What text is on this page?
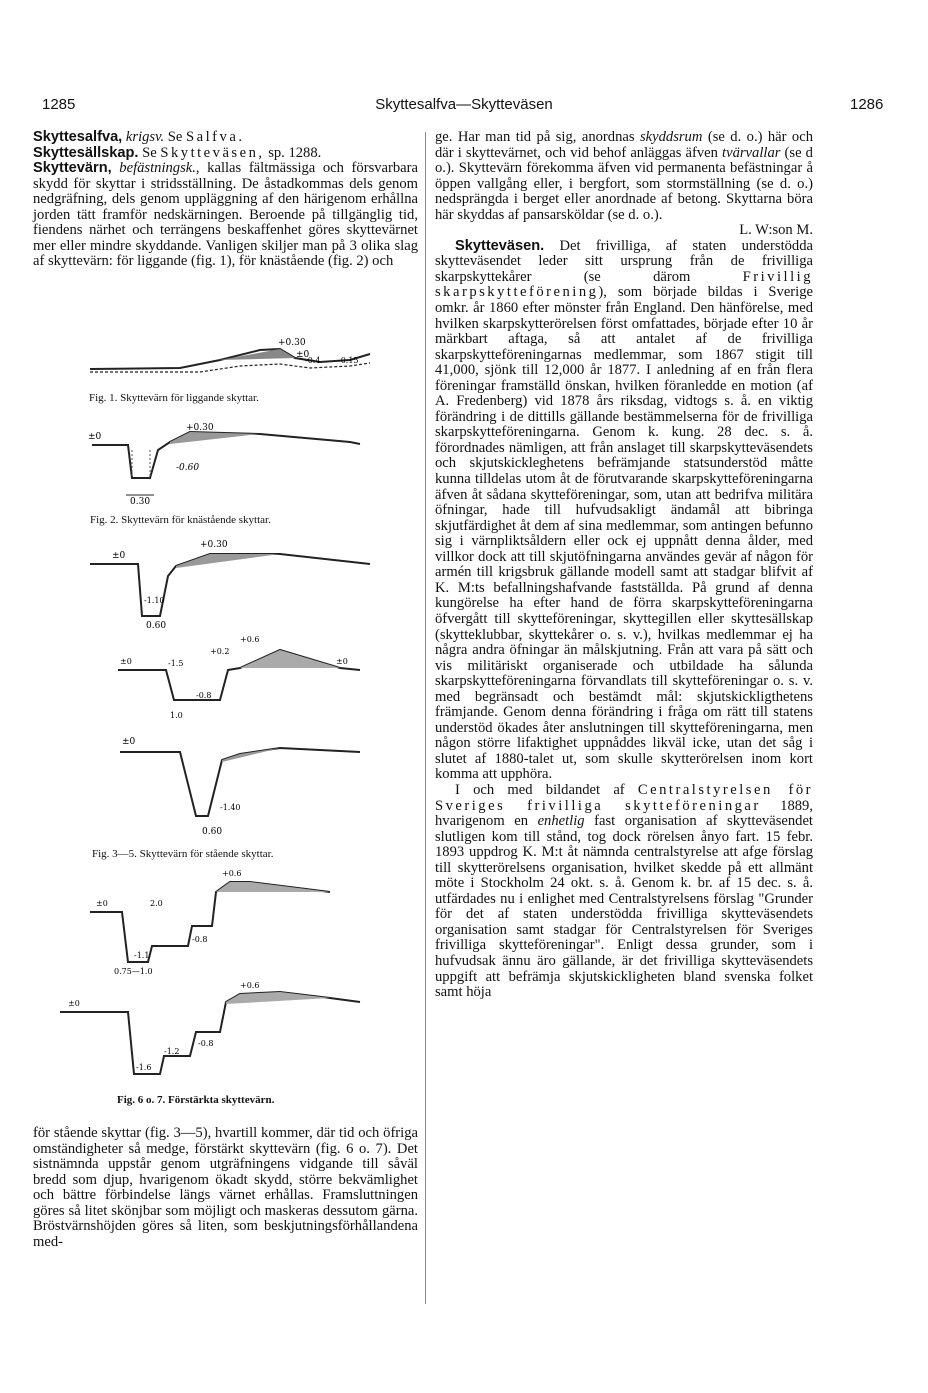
1285	Skyttesalfva—Skytteväsen	1286

Skyttesalfva, krigsv. Se Salfva.

Skyttesällskap. Se Skytteväsen, sp. 1288.

Skyttevärn, befästningsk., kallas fältmässiga och försvarbara skydd för skyttar i stridsställning. De åstadkommas dels genom nedgräfning, dels genom uppläggning af den härigenom erhållna jorden tätt framför nedskärningen. Beroende på tillgänglig tid, fiendens närhet och terrängens beskaffenhet göres skyttevärnet mer eller mindre skyddande. Vanligen skiljer man på 3 olika slag af skyttevärn: för liggande (fig. 1), för knästående (fig. 2) och

+0.30
±0
-0.4 -0.15
Fig. 1. Skyttevärn för liggande skyttar.
+0.30
±0
-0.60
0.30
Fig. 2. Skyttevärn för knästående skyttar.
+0.30
±0
-1.10
0.60
+0.6
+0.2
±0	-1.5	±0
-0.8
1.0
±0
-1.40
0.60
Fig. 3—5. Skyttevärn för stående skyttar.
+0.6
±0	2.0
-0.8
-1.1
0.75—1.0
+0.6
±0
-0.8
-1.2
-1.6
Fig. 6 o. 7. Förstärkta skyttevärn.

för stående skyttar (fig. 3—5), hvartill kommer, där tid och öfriga omständigheter så medge, förstärkt skyttevärn (fig. 6 o. 7). Det sistnämnda uppstår genom utgräfningens vidgande till såväl bredd som djup, hvarigenom ökadt skydd, större bekvämlighet och bättre förbindelse längs värnet erhållas. Framsluttningen göres så litet skönjbar som möjligt och maskeras dessutom gärna. Bröstvärnshöjden göres så liten, som beskjutningsförhållandena med-

ge. Har man tid på sig, anordnas skyddsrum (se d. o.) här och där i skyttevärnet, och vid behof anläggas äfven tvärvallar (se d o.). Skyttevärn förekomma äfven vid permanenta befästningar å öppen vallgång eller, i bergfort, som stormställning (se d. o.) nedsprängda i berget eller anordnade af betong. Skyttarna böra här skyddas af pansarsköldar (se d. o.).

L. W:son M.

Skytteväsen. Det frivilliga, af staten understödda skytteväsendet leder sitt ursprung från de frivilliga skarpskyttekårer (se därom Frivillig skarpskytteförening), som började bildas i Sverige omkr. år 1860 efter mönster från England. Den hänförelse, med hvilken skarpskytterörelsen först omfattades, började efter 10 år märkbart aftaga, så att antalet af de frivilliga skarpskytteföreningarnas medlemmar, som 1867 stigit till 41,000, sjönk till 12,000 år 1877. I anledning af en från flera föreningar framställd önskan, hvilken föranledde en motion (af A. Fredenberg) vid 1878 års riksdag, vidtogs s. å. en viktig förändring i de dittills gällande bestämmelserna för de frivilliga skarpskytteföreningarna. Genom k. kung. 28 dec. s. å. förordnades nämligen, att från anslaget till skarpskytteväsendets och skjutskickleghetens befrämjande statsunderstöd måtte kunna tilldelas utom åt de förutvarande skarpskytteföreningarna äfven åt sådana skytteföreningar, som, utan att bedrifva militära öfningar, hade till hufvudsakligt ändamål att bibringa skjutfärdighet åt dem af sina medlemmar, som antingen befunno sig i värnpliktsåldern eller ock ej uppnått denna ålder, med villkor dock att till skjutöfningarna användes gevär af någon för armén till krigsbruk gällande modell samt att stadgar blifvit af K. M:ts befallningshafvande fastställda. På grund af denna kungörelse ha efter hand de förra skarpskytteföreningarna öfvergått till skytteföreningar, skyttegillen eller skyttesällskap (skytteklubbar, skyttekårer o. s. v.), hvilkas medlemmar ej ha några andra öfningar än målskjutning. Från att vara på sätt och vis militäriskt organiserade och utbildade ha sålunda skarpskytteföreningarna förvandlats till skytteföreningar o. s. v. med begränsadt och bestämdt mål: skjutskickligthetens främjande. Genom denna förändring i fråga om rätt till statens understöd ökades åter anslutningen till skytteföreningarna, men någon större lifaktighet uppnåddes likväl icke, utan det såg i slutet af 1880-talet ut, som skulle skytterörelsen inom kort komma att upphöra.

I och med bildandet af Centralstyrelsen för Sveriges frivilliga skytteföreningar 1889, hvarigenom en enhetlig fast organisation af skytteväsendet slutligen kom till stånd, tog dock rörelsen ånyo fart. 15 febr. 1893 uppdrog K. M:t åt nämnda centralstyrelse att afge förslag till skytterörelsens organisation, hvilket skedde på ett allmänt möte i Stockholm 24 okt. s. å. Genom k. br. af 15 dec. s. å. utfärdades nu i enlighet med Centralstyrelsens förslag "Grunder för det af staten understödda frivilliga skytteväsendets organisation samt stadgar för Centralstyrelsen för Sveriges frivilliga skytteföreningar". Enligt dessa grunder, som i hufvudsak ännu äro gällande, är det frivilliga skytteväsendets uppgift att befrämja skjutskickligheten bland svenska folket samt höja
